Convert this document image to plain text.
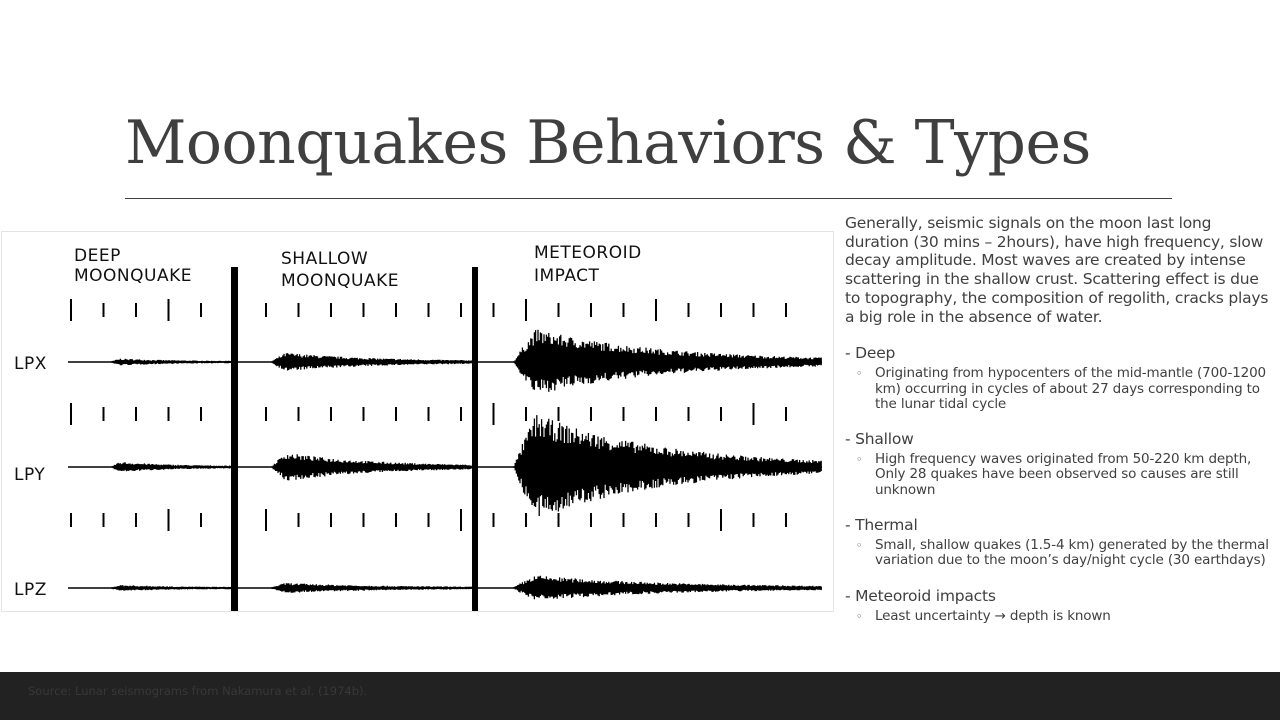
Moonquakes Behaviors & Types
DEEP
MOONQUAKE
SHALLOW
MOONQUAKE
METEOROID
IMPACT
LPX
LPY
LPZ

Generally, seismic signals on the moon last long duration (30 mins – 2hours), have high frequency, slow decay amplitude. Most waves are created by intense scattering in the shallow crust. Scattering effect is due to topography, the composition of regolith, cracks plays a big role in the absence of water.

- Deep

◦ Originating from hypocenters of the mid-mantle (700-1200 km) occurring in cycles of about 27 days corresponding to the lunar tidal cycle

- Shallow

◦ High frequency waves originated from 50-220 km depth, Only 28 quakes have been observed so causes are still unknown

- Thermal

◦ Small, shallow quakes (1.5-4 km) generated by the thermal variation due to the moon’s day/night cycle (30 earthdays)

- Meteoroid impacts

◦ Least uncertainty → depth is known
Source: Lunar seismograms from Nakamura et al. (1974b).
